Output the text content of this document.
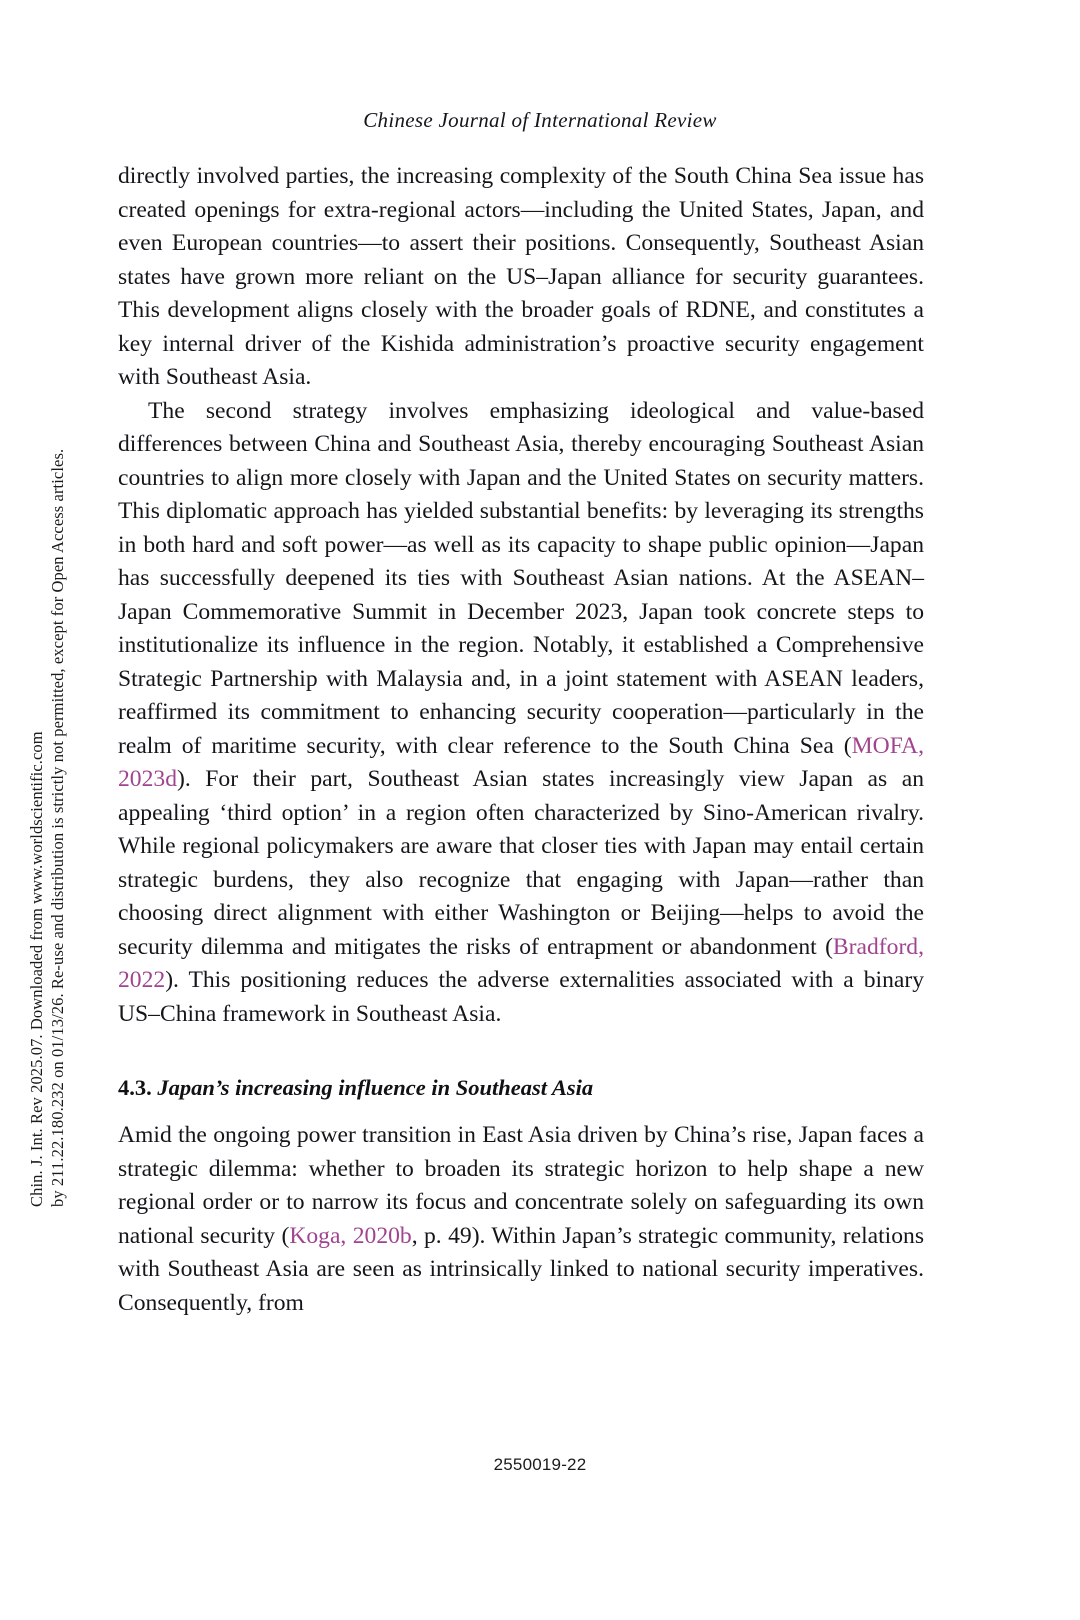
Chin. J. Int. Rev 2025.07. Downloaded from www.worldscientific.com by 211.22.180.232 on 01/13/26. Re-use and distribution is strictly not permitted, except for Open Access articles.
Chinese Journal of International Review

directly involved parties, the increasing complexity of the South China Sea issue has created openings for extra-regional actors—including the United States, Japan, and even European countries—to assert their positions. Consequently, Southeast Asian states have grown more reliant on the US–Japan alliance for security guarantees. This development aligns closely with the broader goals of RDNE, and constitutes a key internal driver of the Kishida administration’s proactive security engagement with Southeast Asia.

The second strategy involves emphasizing ideological and value-based differences between China and Southeast Asia, thereby encouraging Southeast Asian countries to align more closely with Japan and the United States on security matters. This diplomatic approach has yielded substantial benefits: by leveraging its strengths in both hard and soft power—as well as its capacity to shape public opinion—Japan has successfully deepened its ties with Southeast Asian nations. At the ASEAN–Japan Commemorative Summit in December 2023, Japan took concrete steps to institutionalize its influence in the region. Notably, it established a Comprehensive Strategic Partnership with Malaysia and, in a joint statement with ASEAN leaders, reaffirmed its commitment to enhancing security cooperation—particularly in the realm of maritime security, with clear reference to the South China Sea (MOFA, 2023d). For their part, Southeast Asian states increasingly view Japan as an appealing ‘third option’ in a region often characterized by Sino-American rivalry. While regional policymakers are aware that closer ties with Japan may entail certain strategic burdens, they also recognize that engaging with Japan—rather than choosing direct alignment with either Washington or Beijing—helps to avoid the security dilemma and mitigates the risks of entrapment or abandonment (Bradford, 2022). This positioning reduces the adverse externalities associated with a binary US–China framework in Southeast Asia.

4.3. Japan’s increasing influence in Southeast Asia

Amid the ongoing power transition in East Asia driven by China’s rise, Japan faces a strategic dilemma: whether to broaden its strategic horizon to help shape a new regional order or to narrow its focus and concentrate solely on safeguarding its own national security (Koga, 2020b, p. 49). Within Japan’s strategic community, relations with Southeast Asia are seen as intrinsically linked to national security imperatives. Consequently, from

2550019-22
